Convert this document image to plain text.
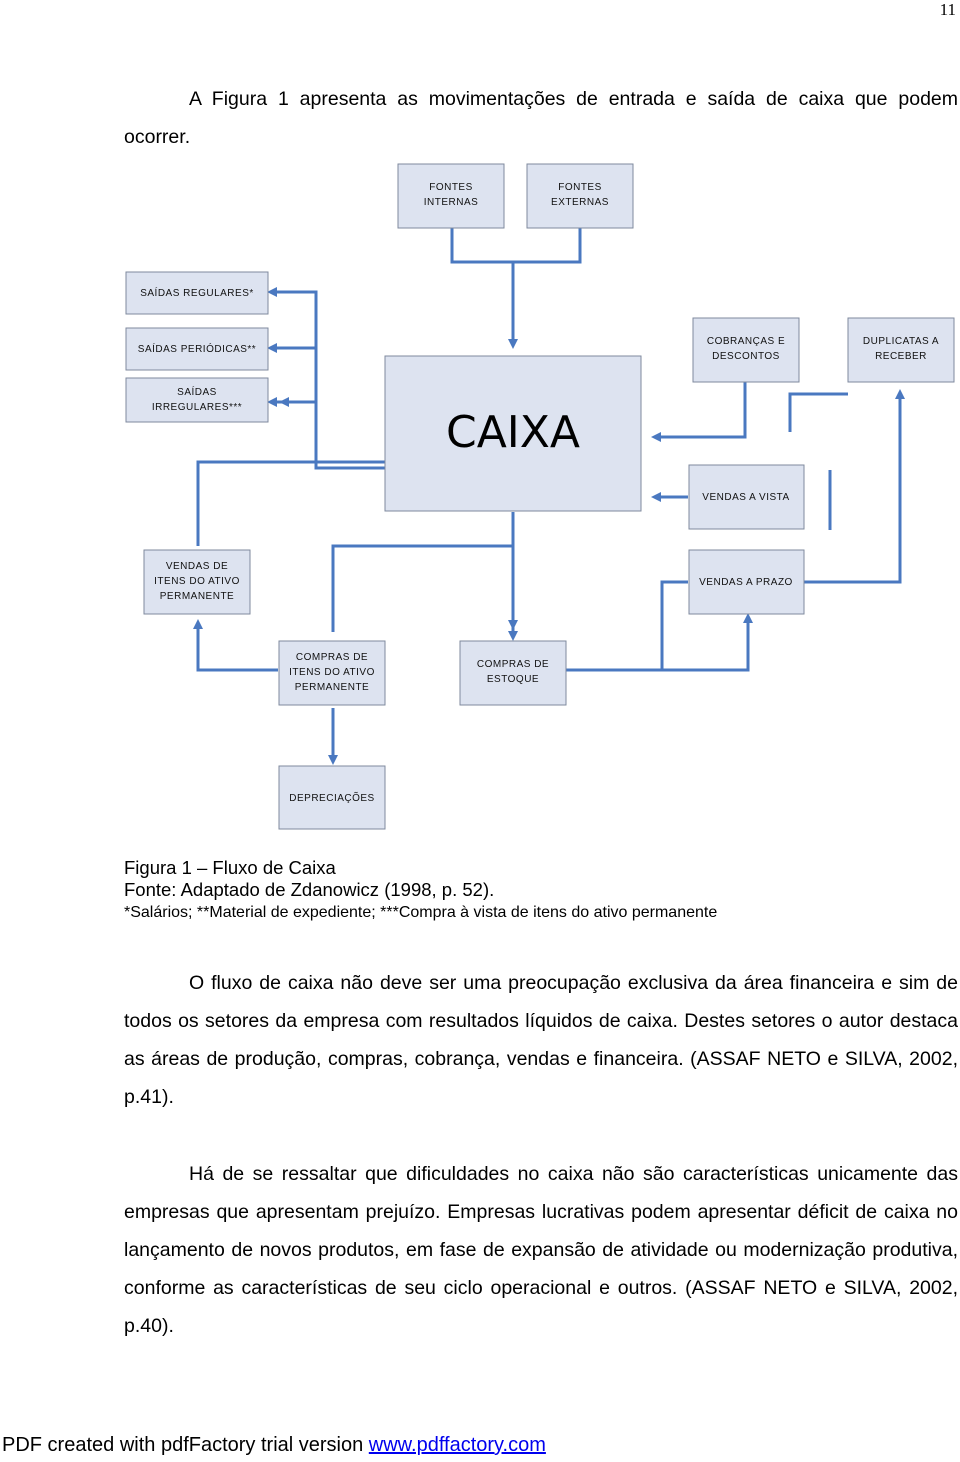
11

A Figura 1 apresenta as movimentações de entrada e saída de caixa que podem ocorrer.

FONTES INTERNAS
FONTES EXTERNAS
SAÍDAS REGULARES*
SAÍDAS PERIÓDICAS**
SAÍDAS IRREGULARES***	CAIXA
COBRANÇAS E DESCONTOS
DUPLICATAS A RECEBER
VENDAS A VISTA
VENDAS DE ITENS DO ATIVO PERMANENTE
VENDAS A PRAZO
COMPRAS DE ITENS DO ATIVO PERMANENTE
COMPRAS DE ESTOQUE
DEPRECIAÇÕES
Figura 1 – Fluxo de Caixa
Fonte: Adaptado de Zdanowicz (1998, p. 52).
*Salários; **Material de expediente; ***Compra à vista de itens do ativo permanente

O fluxo de caixa não deve ser uma preocupação exclusiva da área financeira e sim de todos os setores da empresa com resultados líquidos de caixa. Destes setores o autor destaca as áreas de produção, compras, cobrança, vendas e financeira. (ASSAF NETO e SILVA, 2002, p.41).

Há de se ressaltar que dificuldades no caixa não são características unicamente das empresas que apresentam prejuízo. Empresas lucrativas podem apresentar déficit de caixa no lançamento de novos produtos, em fase de expansão de atividade ou modernização produtiva, conforme as características de seu ciclo operacional e outros. (ASSAF NETO e SILVA, 2002, p.40).

PDF created with pdfFactory trial version www.pdffactory.com
